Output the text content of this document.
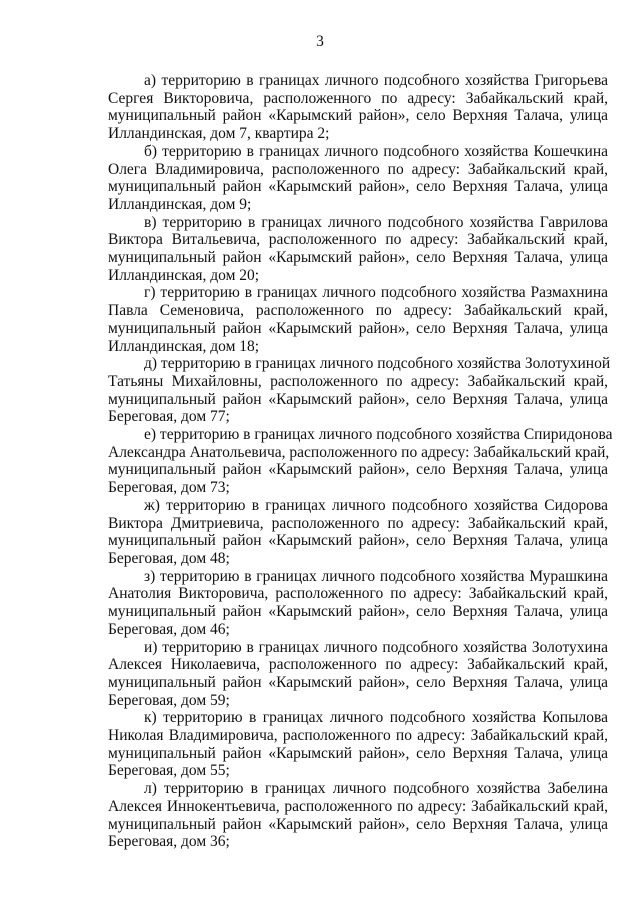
3

а) территорию в границах личного подсобного хозяйства Григорьева
Сергея Викторовича, расположенного по адресу: Забайкальский край,
муниципальный район «Карымский район», село Верхняя Талача, улица
Илландинская, дом 7, квартира 2;

б) территорию в границах личного подсобного хозяйства Кошечкина
Олега Владимировича, расположенного по адресу: Забайкальский край,
муниципальный район «Карымский район», село Верхняя Талача, улица
Илландинская, дом 9;

в) территорию в границах личного подсобного хозяйства Гаврилова
Виктора Витальевича, расположенного по адресу: Забайкальский край,
муниципальный район «Карымский район», село Верхняя Талача, улица
Илландинская, дом 20;

г) территорию в границах личного подсобного хозяйства Размахнина
Павла Семеновича, расположенного по адресу: Забайкальский край,
муниципальный район «Карымский район», село Верхняя Талача, улица
Илландинская, дом 18;

д) территорию в границах личного подсобного хозяйства Золотухиной
Татьяны Михайловны, расположенного по адресу: Забайкальский край,
муниципальный район «Карымский район», село Верхняя Талача, улица
Береговая, дом 77;

е) территорию в границах личного подсобного хозяйства Спиридонова
Александра Анатольевича, расположенного по адресу: Забайкальский край,
муниципальный район «Карымский район», село Верхняя Талача, улица
Береговая, дом 73;

ж) территорию в границах личного подсобного хозяйства Сидорова
Виктора Дмитриевича, расположенного по адресу: Забайкальский край,
муниципальный район «Карымский район», село Верхняя Талача, улица
Береговая, дом 48;

з) территорию в границах личного подсобного хозяйства Мурашкина
Анатолия Викторовича, расположенного по адресу: Забайкальский край,
муниципальный район «Карымский район», село Верхняя Талача, улица
Береговая, дом 46;

и) территорию в границах личного подсобного хозяйства Золотухина
Алексея Николаевича, расположенного по адресу: Забайкальский край,
муниципальный район «Карымский район», село Верхняя Талача, улица
Береговая, дом 59;

к) территорию в границах личного подсобного хозяйства Копылова
Николая Владимировича, расположенного по адресу: Забайкальский край,
муниципальный район «Карымский район», село Верхняя Талача, улица
Береговая, дом 55;

л) территорию в границах личного подсобного хозяйства Забелина
Алексея Иннокентьевича, расположенного по адресу: Забайкальский край,
муниципальный район «Карымский район», село Верхняя Талача, улица
Береговая, дом 36;
